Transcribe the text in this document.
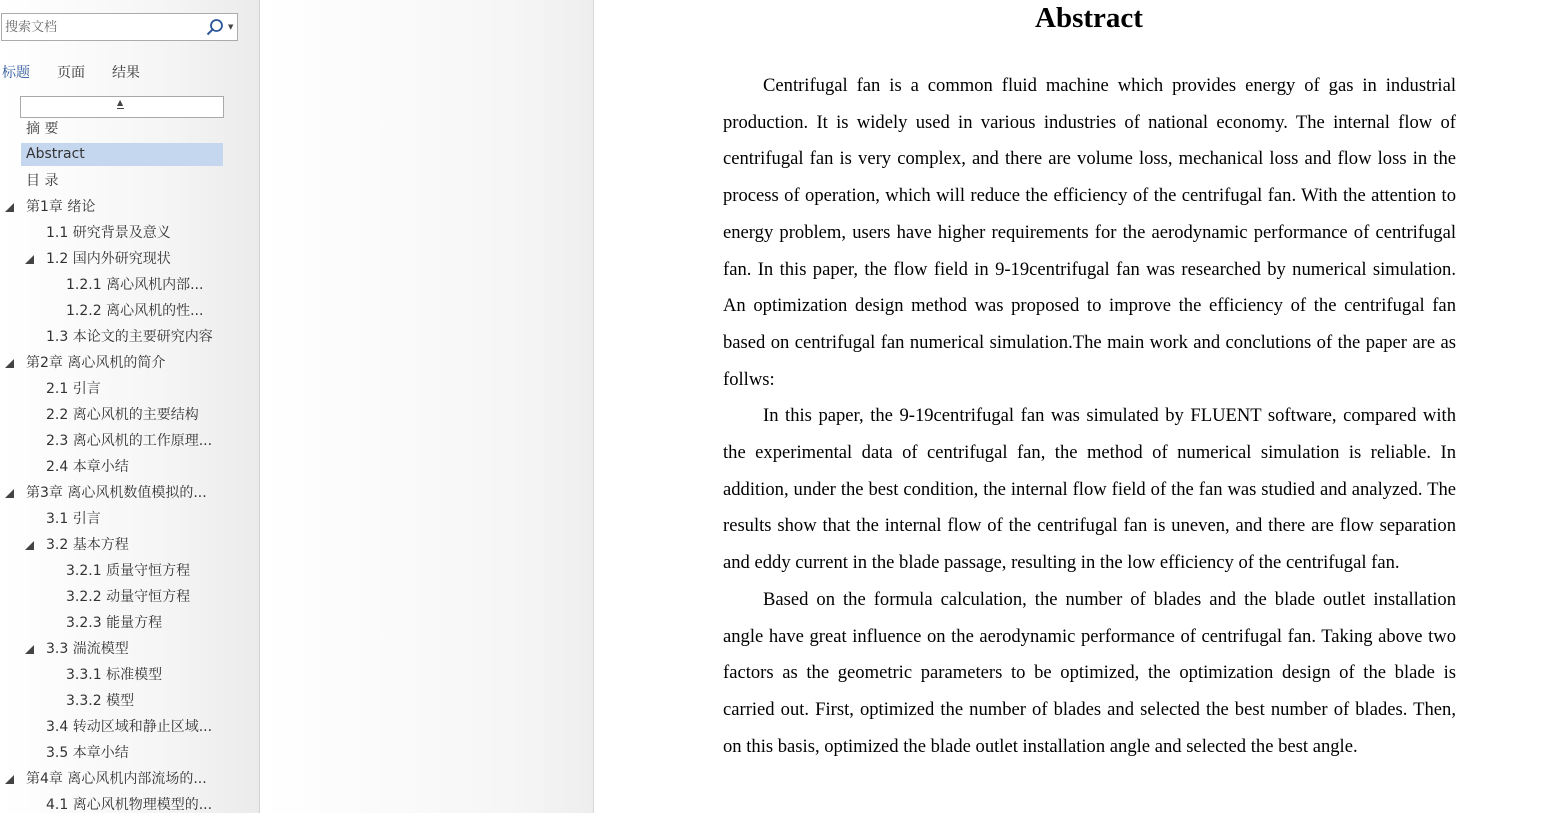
搜索文档
▼
标题 页面 结果
▲
摘 要
Abstract
目 录
第1章 绪论
1.1 研究背景及意义
1.2 国内外研究现状
1.2.1 离心风机内部...
1.2.2 离心风机的性...
1.3 本论文的主要研究内容
第2章 离心风机的简介
2.1 引言
2.2 离心风机的主要结构
2.3 离心风机的工作原理...
2.4 本章小结
第3章 离心风机数值模拟的...
3.1 引言
3.2 基本方程
3.2.1 质量守恒方程
3.2.2 动量守恒方程
3.2.3 能量方程
3.3 湍流模型
3.3.1 标准模型
3.3.2 模型
3.4 转动区域和静止区域...
3.5 本章小结
第4章 离心风机内部流场的...
4.1 离心风机物理模型的...
Abstract

Centrifugal fan is a common fluid machine which provides energy of gas in industrial production. It is widely used in various industries of national economy. The internal flow of centrifugal fan is very complex, and there are volume loss, mechanical loss and flow loss in the process of operation, which will reduce the efficiency of the centrifugal fan. With the attention to energy problem, users have higher requirements for the aerodynamic performance of centrifugal fan. In this paper, the flow field in 9-19centrifugal fan was researched by numerical simulation. An optimization design method was proposed to improve the efficiency of the centrifugal fan based on centrifugal fan numerical simulation.The main work and conclutions of the paper are as follws:

In this paper, the 9-19centrifugal fan was simulated by FLUENT software, compared with the experimental data of centrifugal fan, the method of numerical simulation is reliable. In addition, under the best condition, the internal flow field of the fan was studied and analyzed. The results show that the internal flow of the centrifugal fan is uneven, and there are flow separation and eddy current in the blade passage, resulting in the low efficiency of the centrifugal fan.

Based on the formula calculation, the number of blades and the blade outlet installation angle have great influence on the aerodynamic performance of centrifugal fan. Taking above two factors as the geometric parameters to be optimized, the optimization design of the blade is carried out. First, optimized the number of blades and selected the best number of blades. Then, on this basis, optimized the blade outlet installation angle and selected the best angle.
